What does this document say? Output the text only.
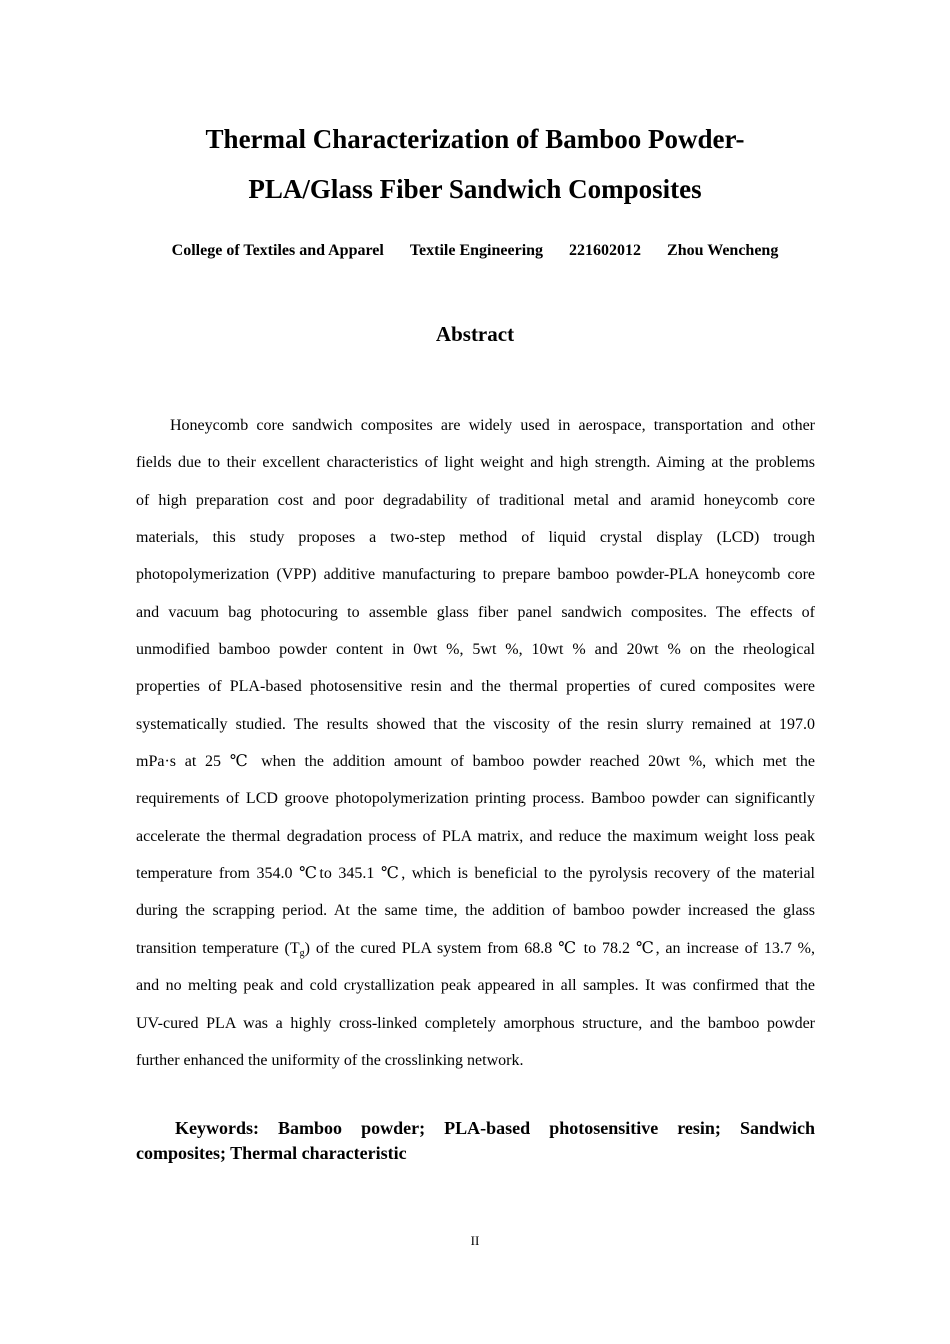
Thermal Characterization of Bamboo Powder-
PLA/Glass Fiber Sandwich Composites
College of Textiles and Apparel Textile Engineering 221602012 Zhou Wencheng
Abstract
Honeycomb core sandwich composites are widely used in aerospace, transportation and other
fields due to their excellent characteristics of light weight and high strength. Aiming at the problems
of high preparation cost and poor degradability of traditional metal and aramid honeycomb core
materials, this study proposes a two-step method of liquid crystal display (LCD) trough
photopolymerization (VPP) additive manufacturing to prepare bamboo powder-PLA honeycomb core
and vacuum bag photocuring to assemble glass fiber panel sandwich composites. The effects of
unmodified bamboo powder content in 0wt %, 5wt %, 10wt % and 20wt % on the rheological
properties of PLA-based photosensitive resin and the thermal properties of cured composites were
systematically studied. The results showed that the viscosity of the resin slurry remained at 197.0
mPa·s at 25 ℃ when the addition amount of bamboo powder reached 20wt %, which met the
requirements of LCD groove photopolymerization printing process. Bamboo powder can significantly
accelerate the thermal degradation process of PLA matrix, and reduce the maximum weight loss peak
temperature from 354.0 ℃to 345.1 ℃, which is beneficial to the pyrolysis recovery of the material
during the scrapping period. At the same time, the addition of bamboo powder increased the glass
transition temperature $(T_g)$ of the cured PLA system from 68.8 ℃ to 78.2 ℃, an increase of 13.7 %,
and no melting peak and cold crystallization peak appeared in all samples. It was confirmed that the
UV-cured PLA was a highly cross-linked completely amorphous structure, and the bamboo powder
further enhanced the uniformity of the crosslinking network.
Keywords: Bamboo powder; PLA-based photosensitive resin; Sandwich
composites; Thermal characteristic
II
